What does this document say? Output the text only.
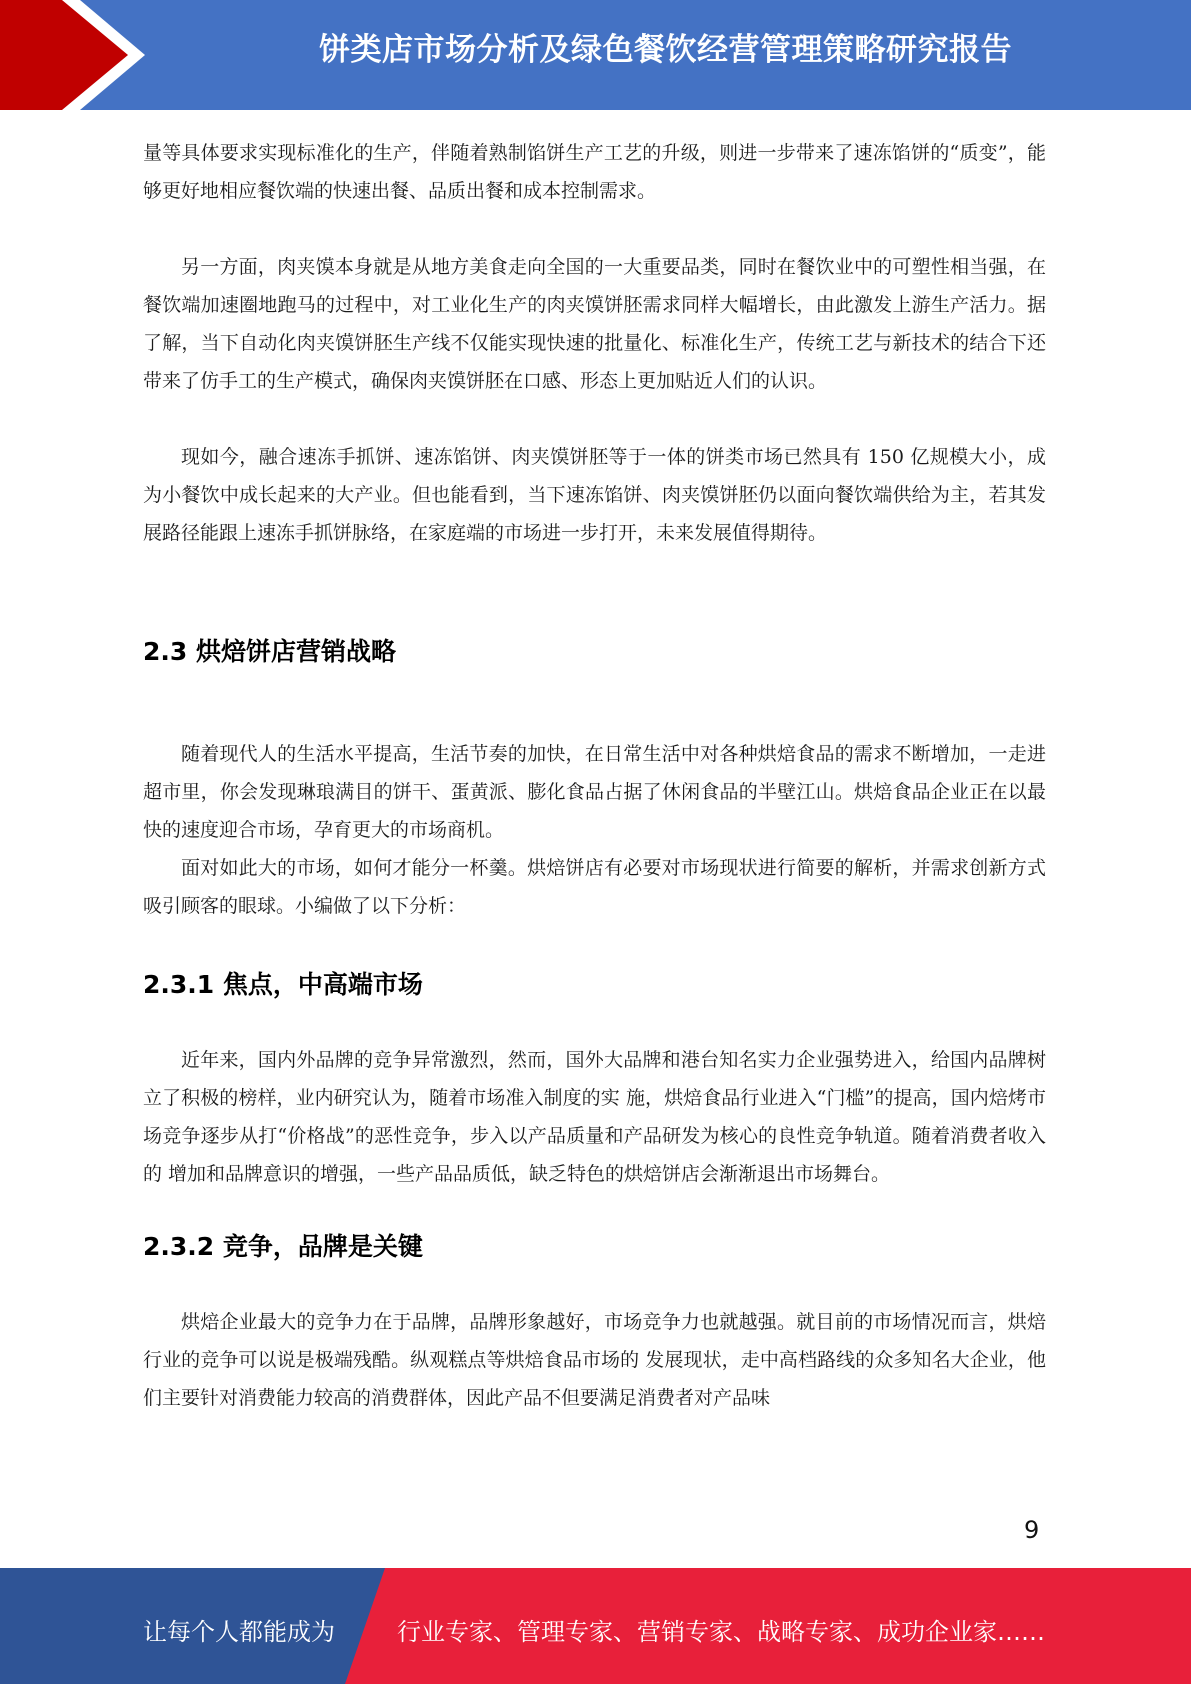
饼类店市场分析及绿色餐饮经营管理策略研究报告

量等具体要求实现标准化的生产，伴随着熟制馅饼生产工艺的升级，则进一步带来了速冻馅饼的“质变”，能够更好地相应餐饮端的快速出餐、品质出餐和成本控制需求。

另一方面，肉夹馍本身就是从地方美食走向全国的一大重要品类，同时在餐饮业中的可塑性相当强，在餐饮端加速圈地跑马的过程中，对工业化生产的肉夹馍饼胚需求同样大幅增长，由此激发上游生产活力。据了解，当下自动化肉夹馍饼胚生产线不仅能实现快速的批量化、标准化生产，传统工艺与新技术的结合下还带来了仿手工的生产模式，确保肉夹馍饼胚在口感、形态上更加贴近人们的认识。

现如今，融合速冻手抓饼、速冻馅饼、肉夹馍饼胚等于一体的饼类市场已然具有 150 亿规模大小，成为小餐饮中成长起来的大产业。但也能看到，当下速冻馅饼、肉夹馍饼胚仍以面向餐饮端供给为主，若其发展路径能跟上速冻手抓饼脉络，在家庭端的市场进一步打开，未来发展值得期待。

2.3 烘焙饼店营销战略

随着现代人的生活水平提高，生活节奏的加快，在日常生活中对各种烘焙食品的需求不断增加，一走进超市里，你会发现琳琅满目的饼干、蛋黄派、膨化食品占据了休闲食品的半壁江山。烘焙食品企业正在以最快的速度迎合市场，孕育更大的市场商机。

面对如此大的市场，如何才能分一杯羹。烘焙饼店有必要对市场现状进行简要的解析，并需求创新方式吸引顾客的眼球。小编做了以下分析：

2.3.1 焦点，中高端市场

近年来，国内外品牌的竞争异常激烈，然而，国外大品牌和港台知名实力企业强势进入，给国内品牌树立了积极的榜样，业内研究认为，随着市场准入制度的实 施，烘焙食品行业进入“门槛”的提高，国内焙烤市场竞争逐步从打“价格战”的恶性竞争，步入以产品质量和产品研发为核心的良性竞争轨道。随着消费者收入的 增加和品牌意识的增强，一些产品品质低，缺乏特色的烘焙饼店会渐渐退出市场舞台。

2.3.2 竞争，品牌是关键

烘焙企业最大的竞争力在于品牌，品牌形象越好，市场竞争力也就越强。就目前的市场情况而言，烘焙行业的竞争可以说是极端残酷。纵观糕点等烘焙食品市场的 发展现状，走中高档路线的众多知名大企业，他们主要针对消费能力较高的消费群体，因此产品不但要满足消费者对产品味

9
让每个人都能成为	行业专家、管理专家、营销专家、战略专家、成功企业家……
